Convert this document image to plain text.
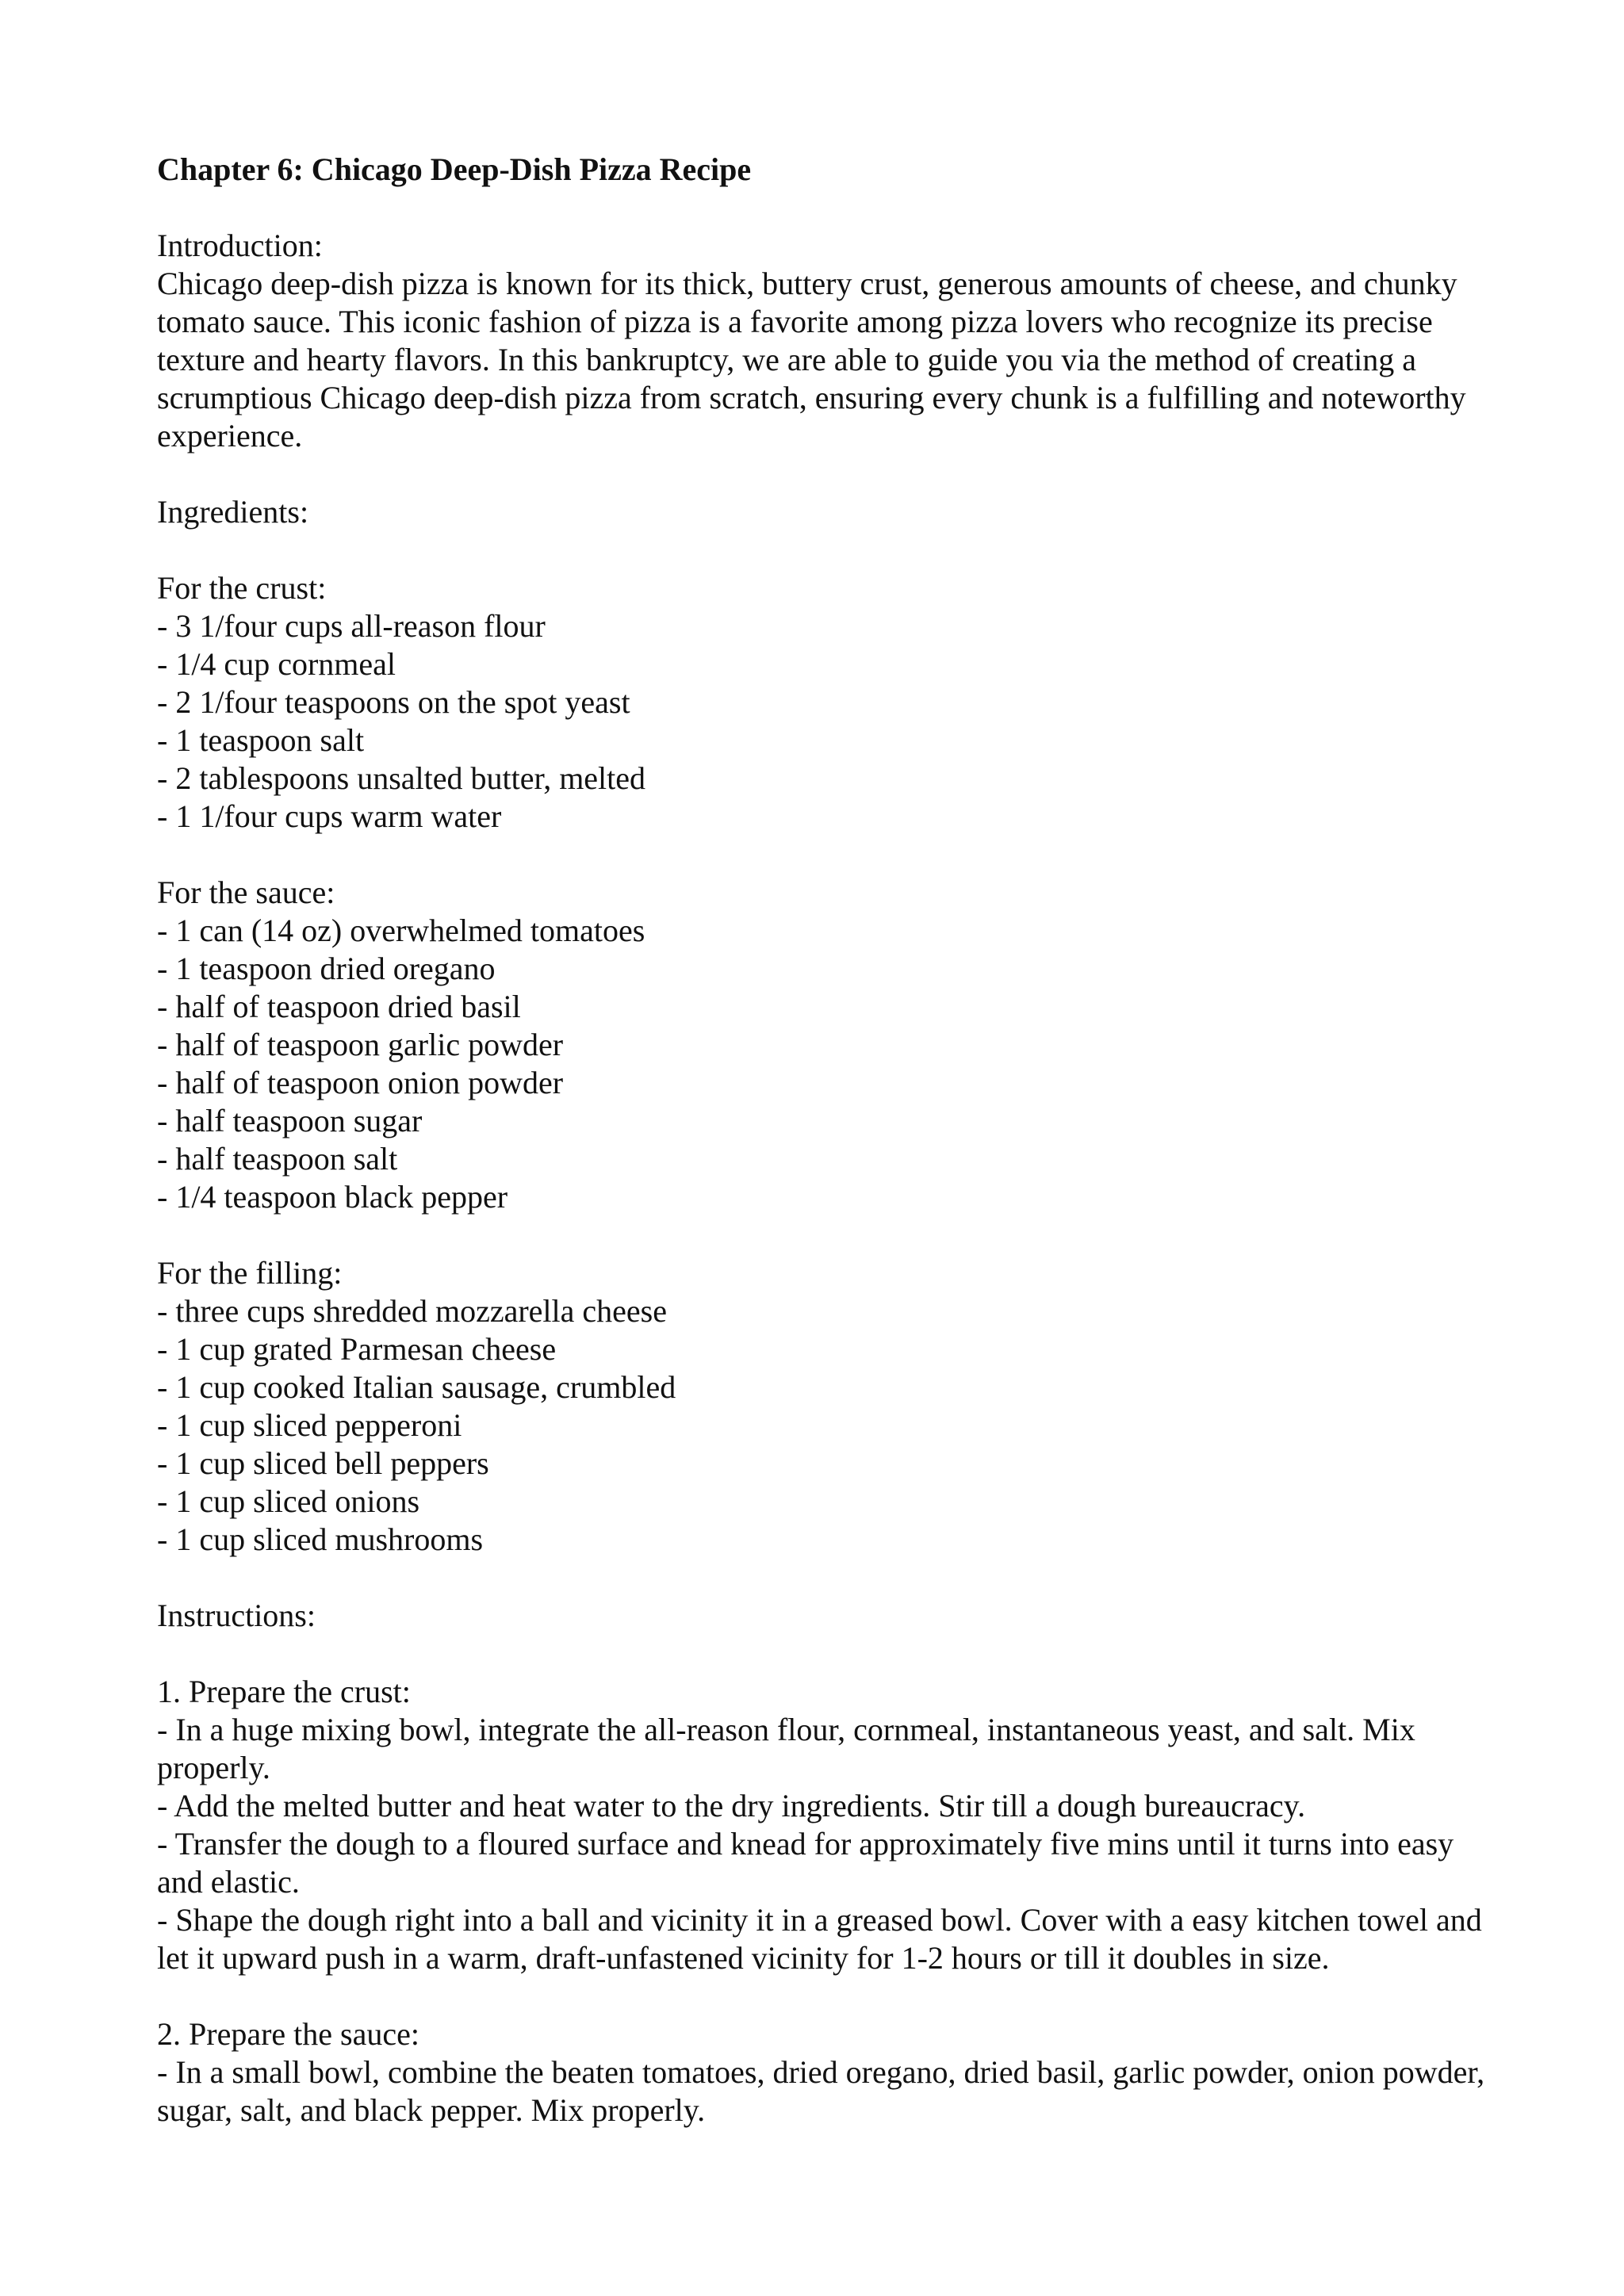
Chapter 6: Chicago Deep-Dish Pizza Recipe

Introduction:

Chicago deep-dish pizza is known for its thick, buttery crust, generous amounts of cheese, and chunky tomato sauce. This iconic fashion of pizza is a favorite among pizza lovers who recognize its precise texture and hearty flavors. In this bankruptcy, we are able to guide you via the method of creating a scrumptious Chicago deep-dish pizza from scratch, ensuring every chunk is a fulfilling and noteworthy experience.

Ingredients:

For the crust:

- 3 1/four cups all-reason flour
- 1/4 cup cornmeal
- 2 1/four teaspoons on the spot yeast
- 1 teaspoon salt
- 2 tablespoons unsalted butter, melted
- 1 1/four cups warm water

For the sauce:

- 1 can (14 oz) overwhelmed tomatoes
- 1 teaspoon dried oregano
- half of teaspoon dried basil
- half of teaspoon garlic powder
- half of teaspoon onion powder
- half teaspoon sugar
- half teaspoon salt
- 1/4 teaspoon black pepper

For the filling:

- three cups shredded mozzarella cheese
- 1 cup grated Parmesan cheese
- 1 cup cooked Italian sausage, crumbled
- 1 cup sliced pepperoni
- 1 cup sliced bell peppers
- 1 cup sliced onions
- 1 cup sliced mushrooms

Instructions:

1. Prepare the crust:

- In a huge mixing bowl, integrate the all-reason flour, cornmeal, instantaneous yeast, and salt. Mix properly.
- Add the melted butter and heat water to the dry ingredients. Stir till a dough bureaucracy.
- Transfer the dough to a floured surface and knead for approximately five mins until it turns into easy and elastic.
- Shape the dough right into a ball and vicinity it in a greased bowl. Cover with a easy kitchen towel and let it upward push in a warm, draft-unfastened vicinity for 1-2 hours or till it doubles in size.

2. Prepare the sauce:

- In a small bowl, combine the beaten tomatoes, dried oregano, dried basil, garlic powder, onion powder, sugar, salt, and black pepper. Mix properly.
